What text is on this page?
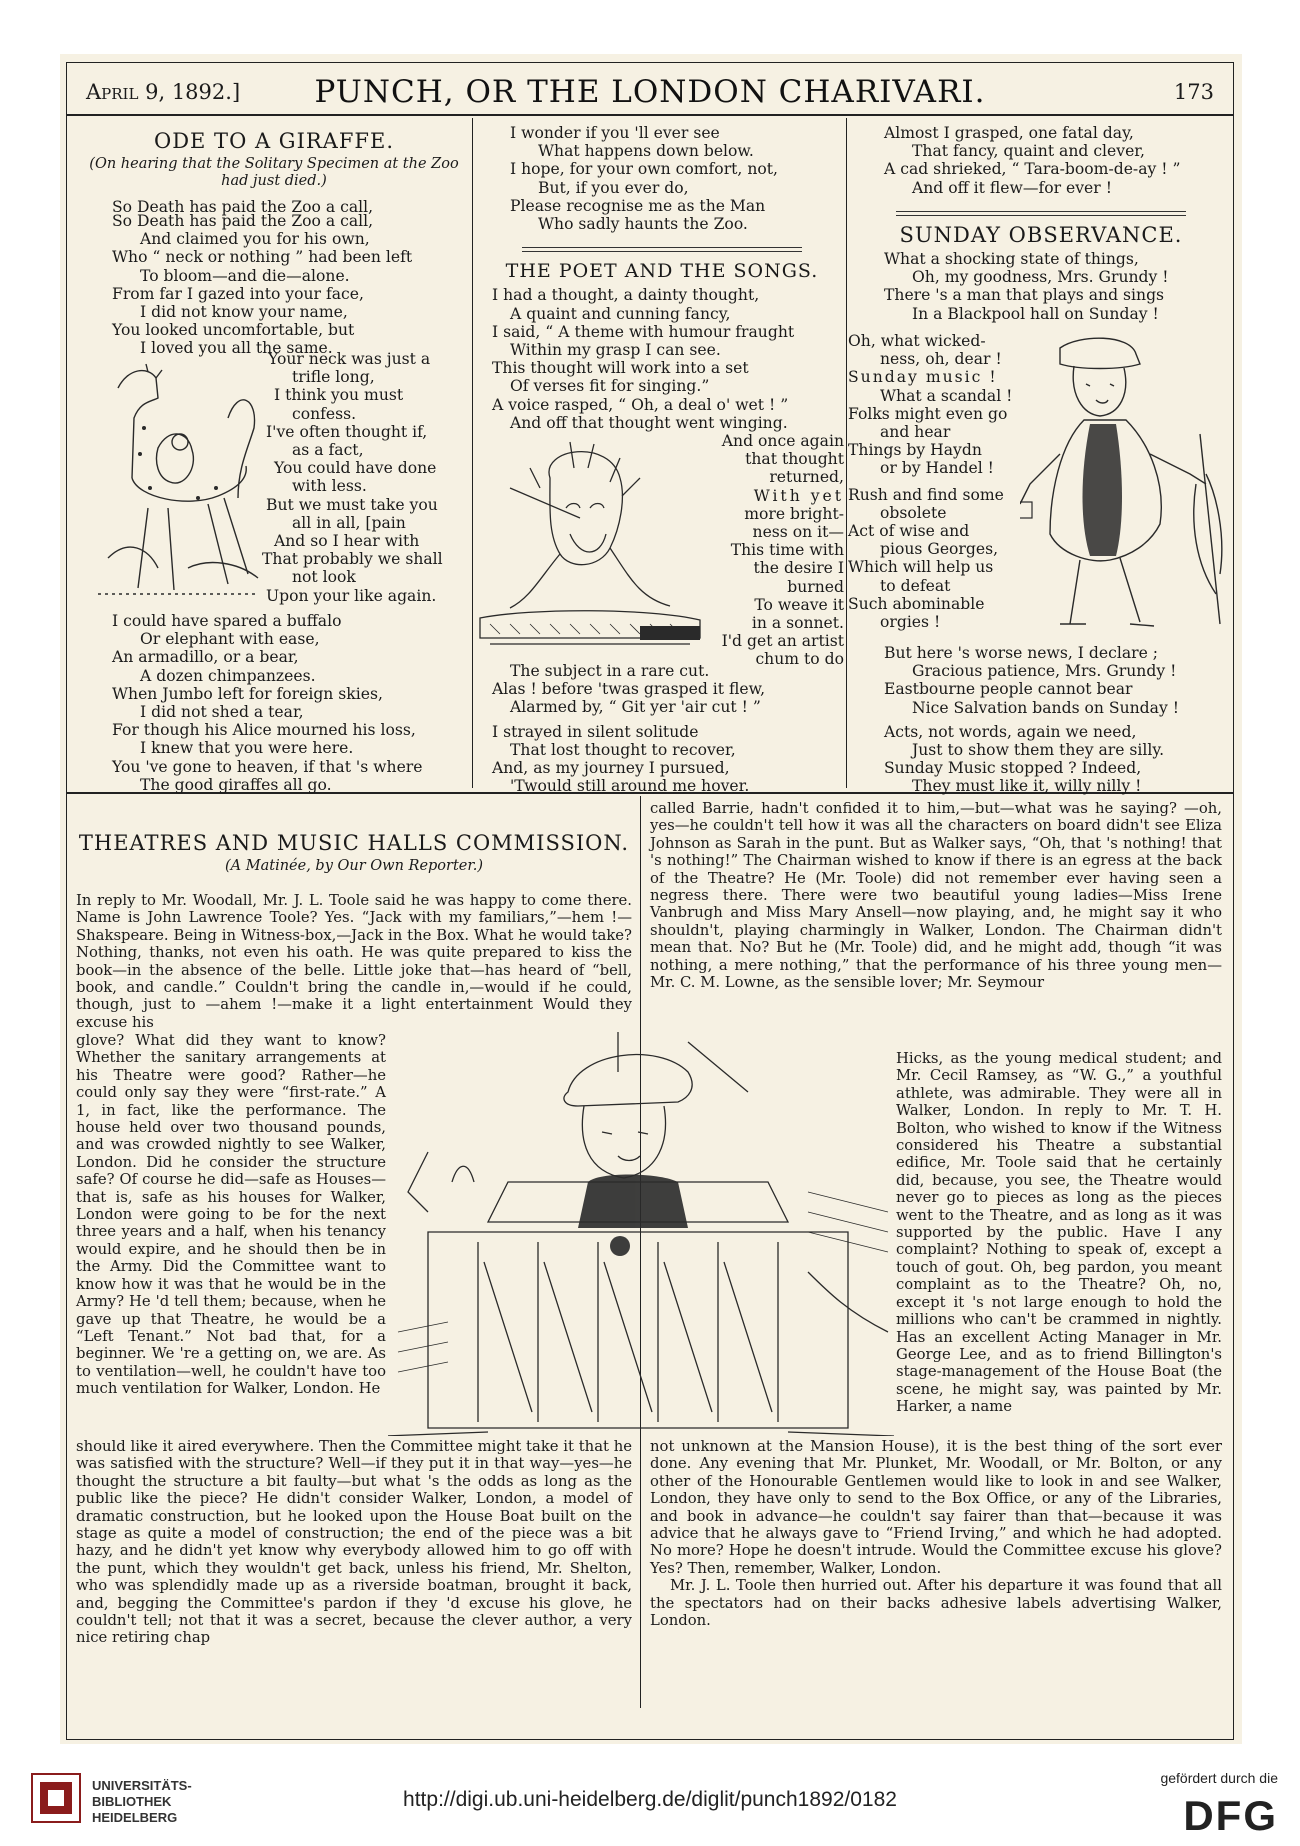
April 9, 1892.]	PUNCH, OR THE LONDON CHARIVARI.	173
ODE TO A GIRAFFE.
(On hearing that the Solitary Specimen at the Zoo had just died.)

So Death has paid the Zoo a call,

So Death has paid the Zoo a call,

And claimed you for his own,

Who “ neck or nothing ” had been left

To bloom—and die—alone.

From far I gazed into your face,

I did not know your name,

You looked uncomfortable, but

I loved you all the same.

Your neck was just a

trifle long,

I think you must

confess.

I've often thought if,

as a fact,

You could have done

with less.

But we must take you

all in all, [pain

And so I hear with

That probably we shall

not look

Upon your like again.

I could have spared a buffalo

Or elephant with ease,

An armadillo, or a bear,

A dozen chimpanzees.

When Jumbo left for foreign skies,

I did not shed a tear,

For though his Alice mourned his loss,

I knew that you were here.

You 've gone to heaven, if that 's where

The good giraffes all go.

I wonder if you 'll ever see

What happens down below.

I hope, for your own comfort, not,

But, if you ever do,

Please recognise me as the Man

Who sadly haunts the Zoo.

THE POET AND THE SONGS.

I had a thought, a dainty thought,

A quaint and cunning fancy,

I said, “ A theme with humour fraught

Within my grasp I can see.

This thought will work into a set

Of verses fit for singing.”

A voice rasped, “ Oh, a deal o' wet ! ”

And off that thought went winging.

And once again

that thought

returned,

With yet

more bright-

ness on it—

This time with

the desire I

burned

To weave it

in a sonnet.

I'd get an artist

chum to do

The subject in a rare cut.

Alas ! before 'twas grasped it flew,

Alarmed by, “ Git yer 'air cut ! ”

I strayed in silent solitude

That lost thought to recover,

And, as my journey I pursued,

'Twould still around me hover.

Almost I grasped, one fatal day,

That fancy, quaint and clever,

A cad shrieked, “ Tara-boom-de-ay ! ”

And off it flew—for ever !

SUNDAY OBSERVANCE.

What a shocking state of things,

Oh, my goodness, Mrs. Grundy !

There 's a man that plays and sings

In a Blackpool hall on Sunday !

Oh, what wicked-

ness, oh, dear !

Sunday music !

What a scandal !

Folks might even go

and hear

Things by Haydn

or by Handel !

Rush and find some

obsolete

Act of wise and

pious Georges,

Which will help us

to defeat

Such abominable

orgies !

But here 's worse news, I declare ;

Gracious patience, Mrs. Grundy !

Eastbourne people cannot bear

Nice Salvation bands on Sunday !

Acts, not words, again we need,

Just to show them they are silly.

Sunday Music stopped ? Indeed,

They must like it, willy nilly !

THEATRES AND MUSIC HALLS COMMISSION.
(A Matinée, by Our Own Reporter.)
In reply to Mr. Woodall, Mr. J. L. Toole said he was happy to come there. Name is John Lawrence Toole? Yes. “Jack with my familiars,”—hem !—Shakspeare. Being in Witness-box,—Jack in the Box. What he would take? Nothing, thanks, not even his oath. He was quite prepared to kiss the book—in the absence of the belle. Little joke that—has heard of “bell, book, and candle.” Couldn't bring the candle in,—would if he could, though, just to —ahem !—make it a light entertainment Would they excuse his
glove? What did they want to know? Whether the sanitary arrangements at his Theatre were good? Rather—he could only say they were “first-rate.” A 1, in fact, like the performance. The house held over two thousand pounds, and was crowded nightly to see Walker, London. Did he consider the structure safe? Of course he did—safe as Houses—that is, safe as his houses for Walker, London were going to be for the next three years and a half, when his tenancy would expire, and he should then be in the Army. Did the Committee want to know how it was that he would be in the Army? He 'd tell them; because, when he gave up that Theatre, he would be a “Left Tenant.” Not bad that, for a beginner. We 're a getting on, we are. As to ventilation—well, he couldn't have too much ventilation for Walker, London. He
should like it aired everywhere. Then the Committee might take it that he was satisfied with the structure? Well—if they put it in that way—yes—he thought the structure a bit faulty—but what 's the odds as long as the public like the piece? He didn't consider Walker, London, a model of dramatic construction, but he looked upon the House Boat built on the stage as quite a model of construction; the end of the piece was a bit hazy, and he didn't yet know why everybody allowed him to go off with the punt, which they wouldn't get back, unless his friend, Mr. Shelton, who was splendidly made up as a riverside boatman, brought it back, and, begging the Committee's pardon if they 'd excuse his glove, he couldn't tell; not that it was a secret, because the clever author, a very nice retiring chap
called Barrie, hadn't confided it to him,—but—what was he saying? —oh, yes—he couldn't tell how it was all the characters on board didn't see Eliza Johnson as Sarah in the punt. But as Walker says, “Oh, that 's nothing! that 's nothing!” The Chairman wished to know if there is an egress at the back of the Theatre? He (Mr. Toole) did not remember ever having seen a negress there. There were two beautiful young ladies—Miss Irene Vanbrugh and Miss Mary Ansell—now playing, and, he might say it who shouldn't, playing charmingly in Walker, London. The Chairman didn't mean that. No? But he (Mr. Toole) did, and he might add, though “it was nothing, a mere nothing,” that the performance of his three young men—Mr. C. M. Lowne, as the sensible lover; Mr. Seymour
Hicks, as the young medical student; and Mr. Cecil Ramsey, as “W. G.,” a youthful athlete, was admirable. They were all in Walker, London. In reply to Mr. T. H. Bolton, who wished to know if the Witness considered his Theatre a substantial edifice, Mr. Toole said that he certainly did, because, you see, the Theatre would never go to pieces as long as the pieces went to the Theatre, and as long as it was supported by the public. Have I any complaint? Nothing to speak of, except a touch of gout. Oh, beg pardon, you meant complaint as to the Theatre? Oh, no, except it 's not large enough to hold the millions who can't be crammed in nightly. Has an excellent Acting Manager in Mr. George Lee, and as to friend Billington's stage-management of the House Boat (the scene, he might say, was painted by Mr. Harker, a name
not unknown at the Mansion House), it is the best thing of the sort ever done. Any evening that Mr. Plunket, Mr. Woodall, or Mr. Bolton, or any other of the Honourable Gentlemen would like to look in and see Walker, London, they have only to send to the Box Office, or any of the Libraries, and book in advance—he couldn't say fairer than that—because it was advice that he always gave to “Friend Irving,” and which he had adopted. No more? Hope he doesn't intrude. Would the Committee excuse his glove? Yes? Then, remember, Walker, London.
Mr. J. L. Toole then hurried out. After his departure it was found that all the spectators had on their backs adhesive labels advertising Walker, London.
UNIVERSITÄTS-
BIBLIOTHEK
HEIDELBERG
http://digi.ub.uni-heidelberg.de/diglit/punch1892/0182
gefördert durch die
DFG
